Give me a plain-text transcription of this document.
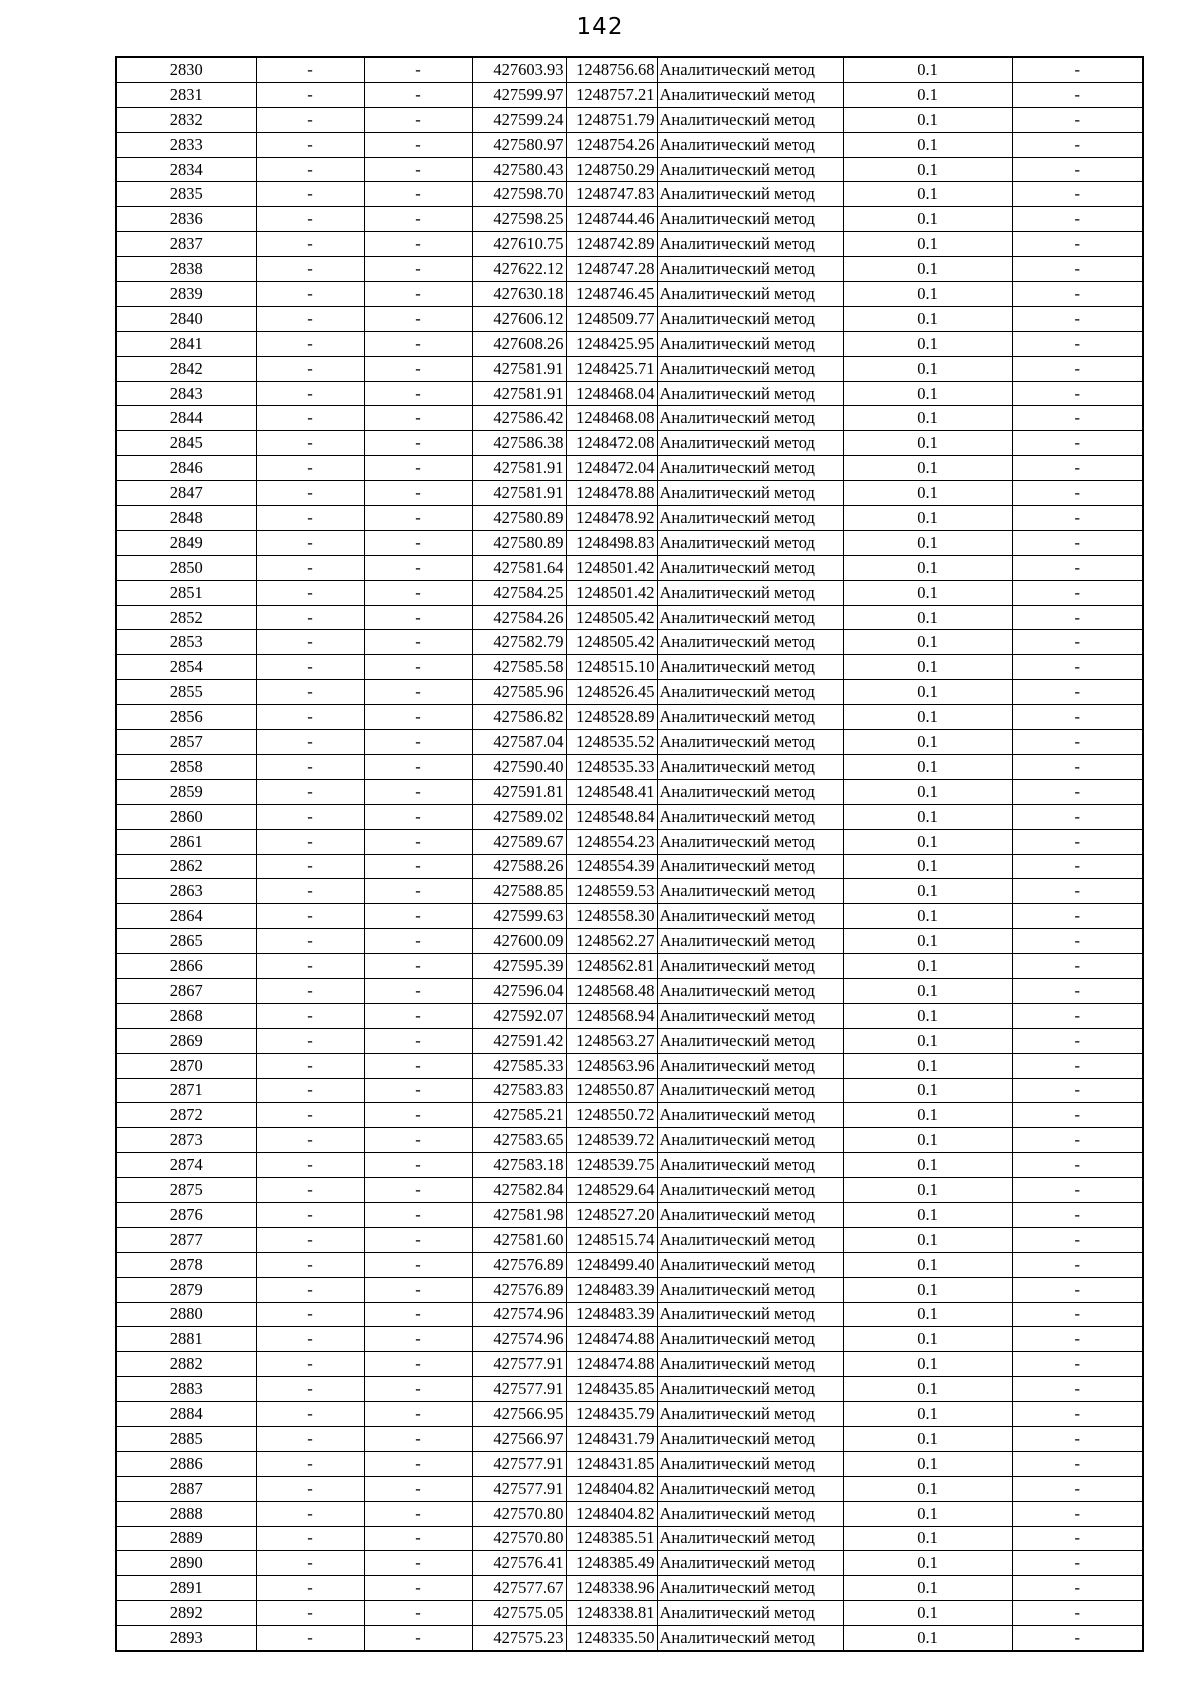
142
2830	-	-	427603.93	1248756.68	Аналитический метод	0.1	-
2831	-	-	427599.97	1248757.21	Аналитический метод	0.1	-
2832	-	-	427599.24	1248751.79	Аналитический метод	0.1	-
2833	-	-	427580.97	1248754.26	Аналитический метод	0.1	-
2834	-	-	427580.43	1248750.29	Аналитический метод	0.1	-
2835	-	-	427598.70	1248747.83	Аналитический метод	0.1	-
2836	-	-	427598.25	1248744.46	Аналитический метод	0.1	-
2837	-	-	427610.75	1248742.89	Аналитический метод	0.1	-
2838	-	-	427622.12	1248747.28	Аналитический метод	0.1	-
2839	-	-	427630.18	1248746.45	Аналитический метод	0.1	-
2840	-	-	427606.12	1248509.77	Аналитический метод	0.1	-
2841	-	-	427608.26	1248425.95	Аналитический метод	0.1	-
2842	-	-	427581.91	1248425.71	Аналитический метод	0.1	-
2843	-	-	427581.91	1248468.04	Аналитический метод	0.1	-
2844	-	-	427586.42	1248468.08	Аналитический метод	0.1	-
2845	-	-	427586.38	1248472.08	Аналитический метод	0.1	-
2846	-	-	427581.91	1248472.04	Аналитический метод	0.1	-
2847	-	-	427581.91	1248478.88	Аналитический метод	0.1	-
2848	-	-	427580.89	1248478.92	Аналитический метод	0.1	-
2849	-	-	427580.89	1248498.83	Аналитический метод	0.1	-
2850	-	-	427581.64	1248501.42	Аналитический метод	0.1	-
2851	-	-	427584.25	1248501.42	Аналитический метод	0.1	-
2852	-	-	427584.26	1248505.42	Аналитический метод	0.1	-
2853	-	-	427582.79	1248505.42	Аналитический метод	0.1	-
2854	-	-	427585.58	1248515.10	Аналитический метод	0.1	-
2855	-	-	427585.96	1248526.45	Аналитический метод	0.1	-
2856	-	-	427586.82	1248528.89	Аналитический метод	0.1	-
2857	-	-	427587.04	1248535.52	Аналитический метод	0.1	-
2858	-	-	427590.40	1248535.33	Аналитический метод	0.1	-
2859	-	-	427591.81	1248548.41	Аналитический метод	0.1	-
2860	-	-	427589.02	1248548.84	Аналитический метод	0.1	-
2861	-	-	427589.67	1248554.23	Аналитический метод	0.1	-
2862	-	-	427588.26	1248554.39	Аналитический метод	0.1	-
2863	-	-	427588.85	1248559.53	Аналитический метод	0.1	-
2864	-	-	427599.63	1248558.30	Аналитический метод	0.1	-
2865	-	-	427600.09	1248562.27	Аналитический метод	0.1	-
2866	-	-	427595.39	1248562.81	Аналитический метод	0.1	-
2867	-	-	427596.04	1248568.48	Аналитический метод	0.1	-
2868	-	-	427592.07	1248568.94	Аналитический метод	0.1	-
2869	-	-	427591.42	1248563.27	Аналитический метод	0.1	-
2870	-	-	427585.33	1248563.96	Аналитический метод	0.1	-
2871	-	-	427583.83	1248550.87	Аналитический метод	0.1	-
2872	-	-	427585.21	1248550.72	Аналитический метод	0.1	-
2873	-	-	427583.65	1248539.72	Аналитический метод	0.1	-
2874	-	-	427583.18	1248539.75	Аналитический метод	0.1	-
2875	-	-	427582.84	1248529.64	Аналитический метод	0.1	-
2876	-	-	427581.98	1248527.20	Аналитический метод	0.1	-
2877	-	-	427581.60	1248515.74	Аналитический метод	0.1	-
2878	-	-	427576.89	1248499.40	Аналитический метод	0.1	-
2879	-	-	427576.89	1248483.39	Аналитический метод	0.1	-
2880	-	-	427574.96	1248483.39	Аналитический метод	0.1	-
2881	-	-	427574.96	1248474.88	Аналитический метод	0.1	-
2882	-	-	427577.91	1248474.88	Аналитический метод	0.1	-
2883	-	-	427577.91	1248435.85	Аналитический метод	0.1	-
2884	-	-	427566.95	1248435.79	Аналитический метод	0.1	-
2885	-	-	427566.97	1248431.79	Аналитический метод	0.1	-
2886	-	-	427577.91	1248431.85	Аналитический метод	0.1	-
2887	-	-	427577.91	1248404.82	Аналитический метод	0.1	-
2888	-	-	427570.80	1248404.82	Аналитический метод	0.1	-
2889	-	-	427570.80	1248385.51	Аналитический метод	0.1	-
2890	-	-	427576.41	1248385.49	Аналитический метод	0.1	-
2891	-	-	427577.67	1248338.96	Аналитический метод	0.1	-
2892	-	-	427575.05	1248338.81	Аналитический метод	0.1	-
2893	-	-	427575.23	1248335.50	Аналитический метод	0.1	-
